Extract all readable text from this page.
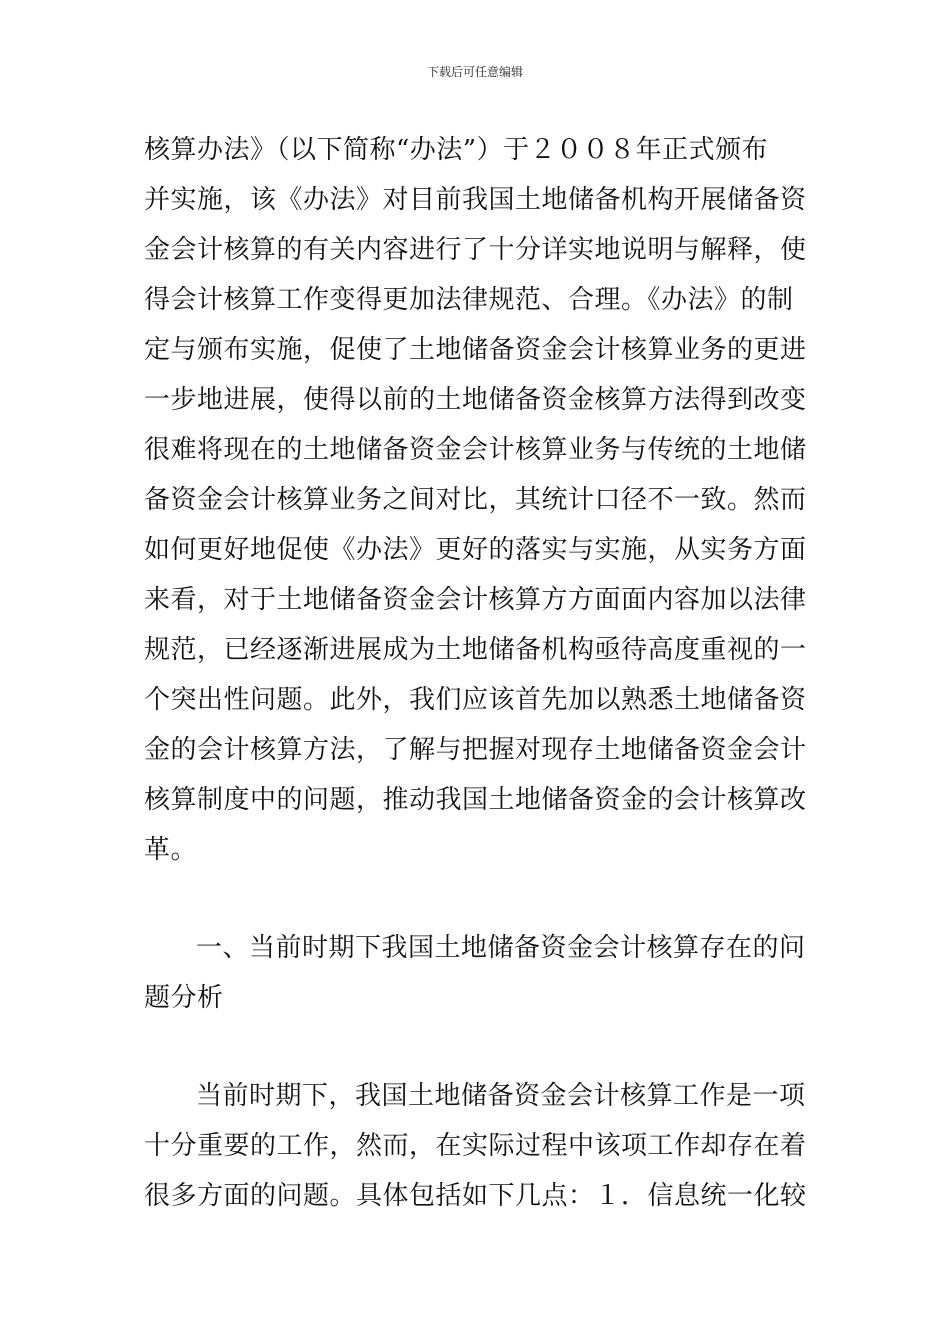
下载后可任意编辑
核算办法》（以下简称“办法”）于２００８年正式颁布
并实施，该《办法》对目前我国土地储备机构开展储备资
金会计核算的有关内容进行了十分详实地说明与解释，使
得会计核算工作变得更加法律规范、合理。《办法》的制
定与颁布实施，促使了土地储备资金会计核算业务的更进
一步地进展，使得以前的土地储备资金核算方法得到改变
很难将现在的土地储备资金会计核算业务与传统的土地储
备资金会计核算业务之间对比，其统计口径不一致。然而
如何更好地促使《办法》更好的落实与实施，从实务方面
来看，对于土地储备资金会计核算方方面面内容加以法律
规范，已经逐渐进展成为土地储备机构亟待高度重视的一
个突出性问题。此外，我们应该首先加以熟悉土地储备资
金的会计核算方法，了解与把握对现存土地储备资金会计
核算制度中的问题，推动我国土地储备资金的会计核算改
革。
一、当前时期下我国土地储备资金会计核算存在的问
题分析
当前时期下，我国土地储备资金会计核算工作是一项
十分重要的工作，然而，在实际过程中该项工作却存在着
很多方面的问题。具体包括如下几点：１．信息统一化较
